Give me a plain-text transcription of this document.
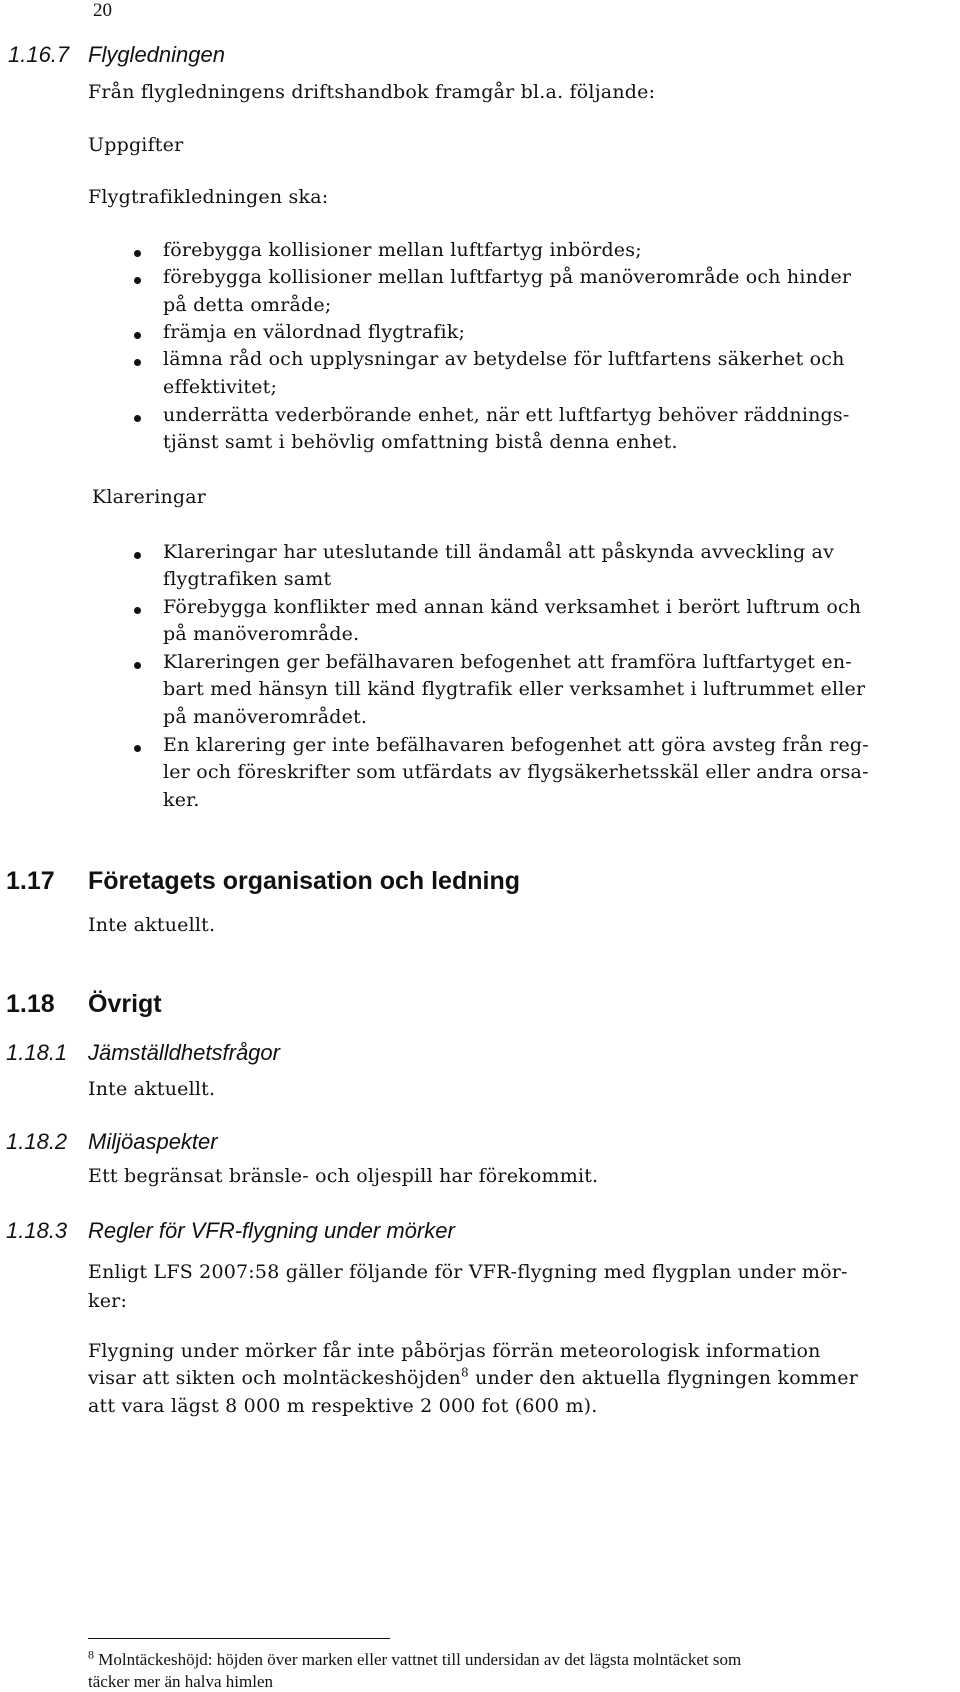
20
1.16.7 Flygledningen
Från flygledningens driftshandbok framgår bl.a. följande:
Uppgifter
Flygtrafikledningen ska:
förebygga kollisioner mellan luftfartyg inbördes;
förebygga kollisioner mellan luftfartyg på manöverområde och hinder
på detta område;
främja en välordnad flygtrafik;
lämna råd och upplysningar av betydelse för luftfartens säkerhet och
effektivitet;
underrätta vederbörande enhet, när ett luftfartyg behöver räddnings-
tjänst samt i behövlig omfattning bistå denna enhet.
Klareringar
Klareringar har uteslutande till ändamål att påskynda avveckling av
flygtrafiken samt
Förebygga konflikter med annan känd verksamhet i berört luftrum och
på manöverområde.
Klareringen ger befälhavaren befogenhet att framföra luftfartyget en-
bart med hänsyn till känd flygtrafik eller verksamhet i luftrummet eller
på manöverområdet.
En klarering ger inte befälhavaren befogenhet att göra avsteg från reg-
ler och föreskrifter som utfärdats av flygsäkerhetsskäl eller andra orsa-
ker.
1.17 Företagets organisation och ledning
Inte aktuellt.
1.18 Övrigt
1.18.1 Jämställdhetsfrågor
Inte aktuellt.
1.18.2 Miljöaspekter
Ett begränsat bränsle- och oljespill har förekommit.
1.18.3 Regler för VFR-flygning under mörker
Enligt LFS 2007:58 gäller följande för VFR-flygning med flygplan under mör-
ker:
Flygning under mörker får inte påbörjas förrän meteorologisk information
visar att sikten och molntäckeshöjden$^8$ under den aktuella flygningen kommer
att vara lägst 8 000 m respektive 2 000 fot (600 m).
$^8$ Molntäckeshöjd: höjden över marken eller vattnet till undersidan av det lägsta molntäcket som
täcker mer än halva himlen
